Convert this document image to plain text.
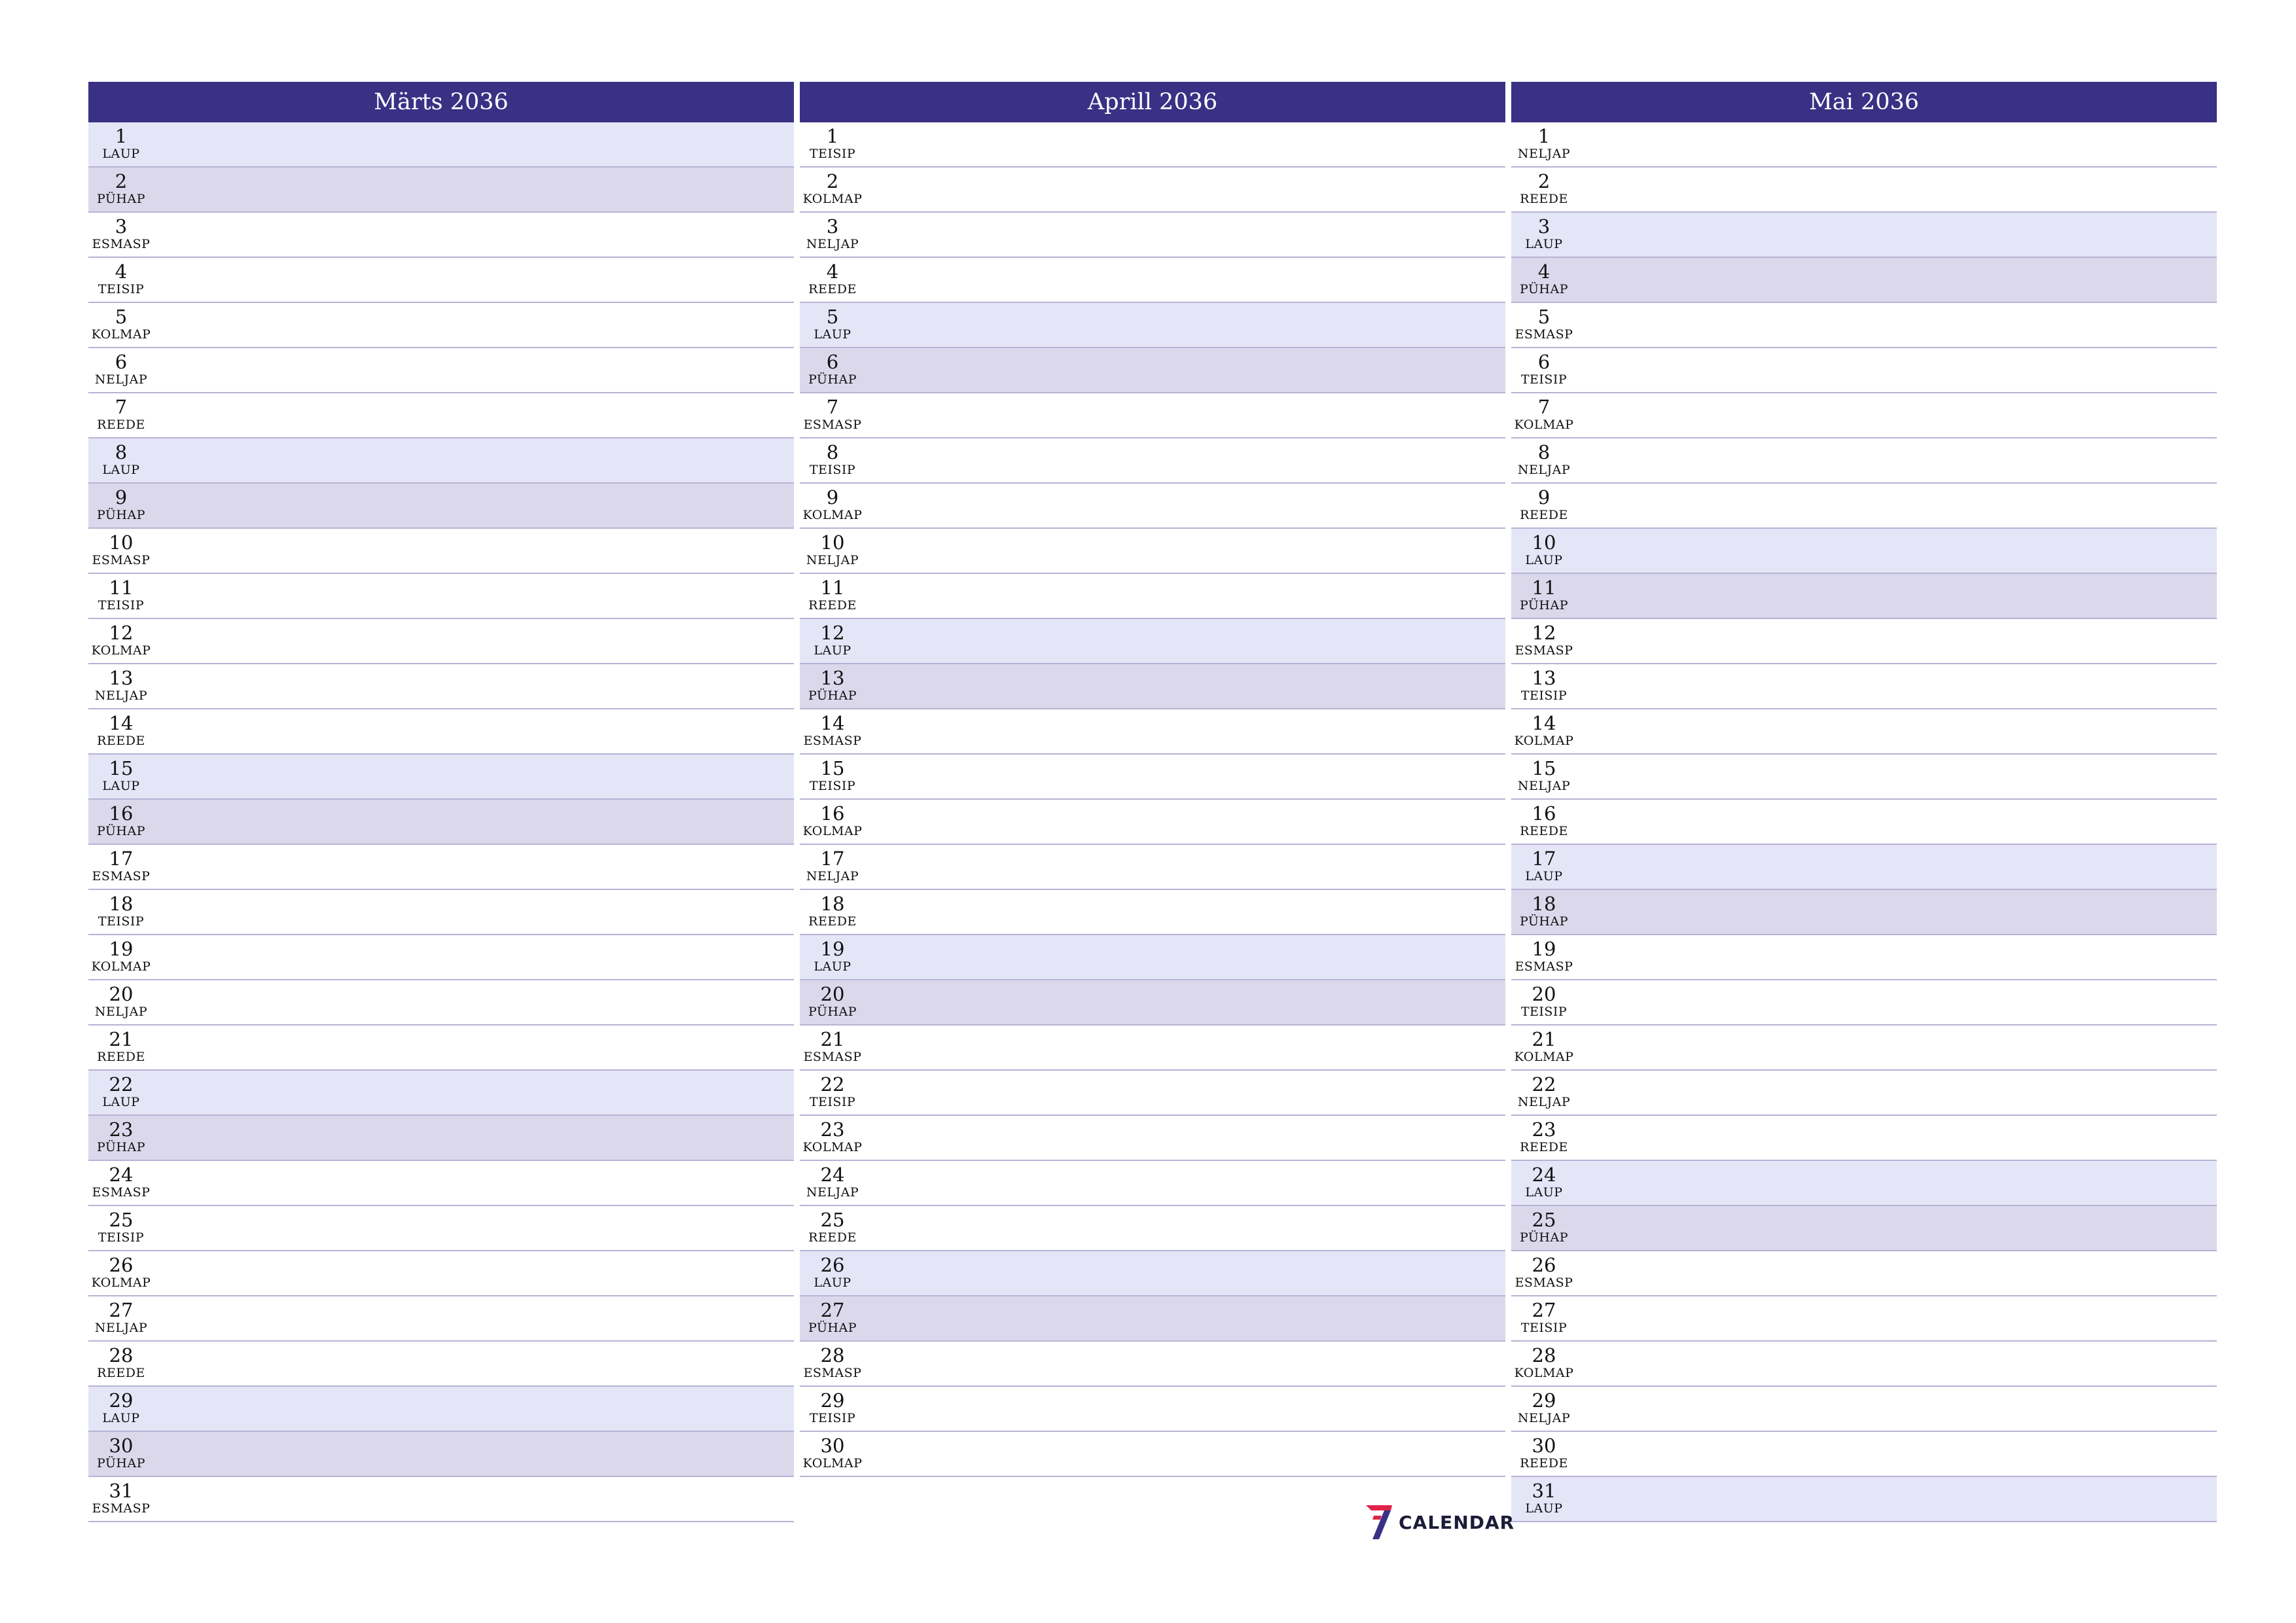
Märts 2036
1
LAUP
2
PÜHAP
3
ESMASP
4
TEISIP
5
KOLMAP
6
NELJAP
7
REEDE
8
LAUP
9
PÜHAP
10
ESMASP
11
TEISIP
12
KOLMAP
13
NELJAP
14
REEDE
15
LAUP
16
PÜHAP
17
ESMASP
18
TEISIP
19
KOLMAP
20
NELJAP
21
REEDE
22
LAUP
23
PÜHAP
24
ESMASP
25
TEISIP
26
KOLMAP
27
NELJAP
28
REEDE
29
LAUP
30
PÜHAP
31
ESMASP
Aprill 2036
1
TEISIP
2
KOLMAP
3
NELJAP
4
REEDE
5
LAUP
6
PÜHAP
7
ESMASP
8
TEISIP
9
KOLMAP
10
NELJAP
11
REEDE
12
LAUP
13
PÜHAP
14
ESMASP
15
TEISIP
16
KOLMAP
17
NELJAP
18
REEDE
19
LAUP
20
PÜHAP
21
ESMASP
22
TEISIP
23
KOLMAP
24
NELJAP
25
REEDE
26
LAUP
27
PÜHAP
28
ESMASP
29
TEISIP
30
KOLMAP
Mai 2036
1
NELJAP
2
REEDE
3
LAUP
4
PÜHAP
5
ESMASP
6
TEISIP
7
KOLMAP
8
NELJAP
9
REEDE
10
LAUP
11
PÜHAP
12
ESMASP
13
TEISIP
14
KOLMAP
15
NELJAP
16
REEDE
17
LAUP
18
PÜHAP
19
ESMASP
20
TEISIP
21
KOLMAP
22
NELJAP
23
REEDE
24
LAUP
25
PÜHAP
26
ESMASP
27
TEISIP
28
KOLMAP
29
NELJAP
30
REEDE
31
LAUP
CALENDAR
